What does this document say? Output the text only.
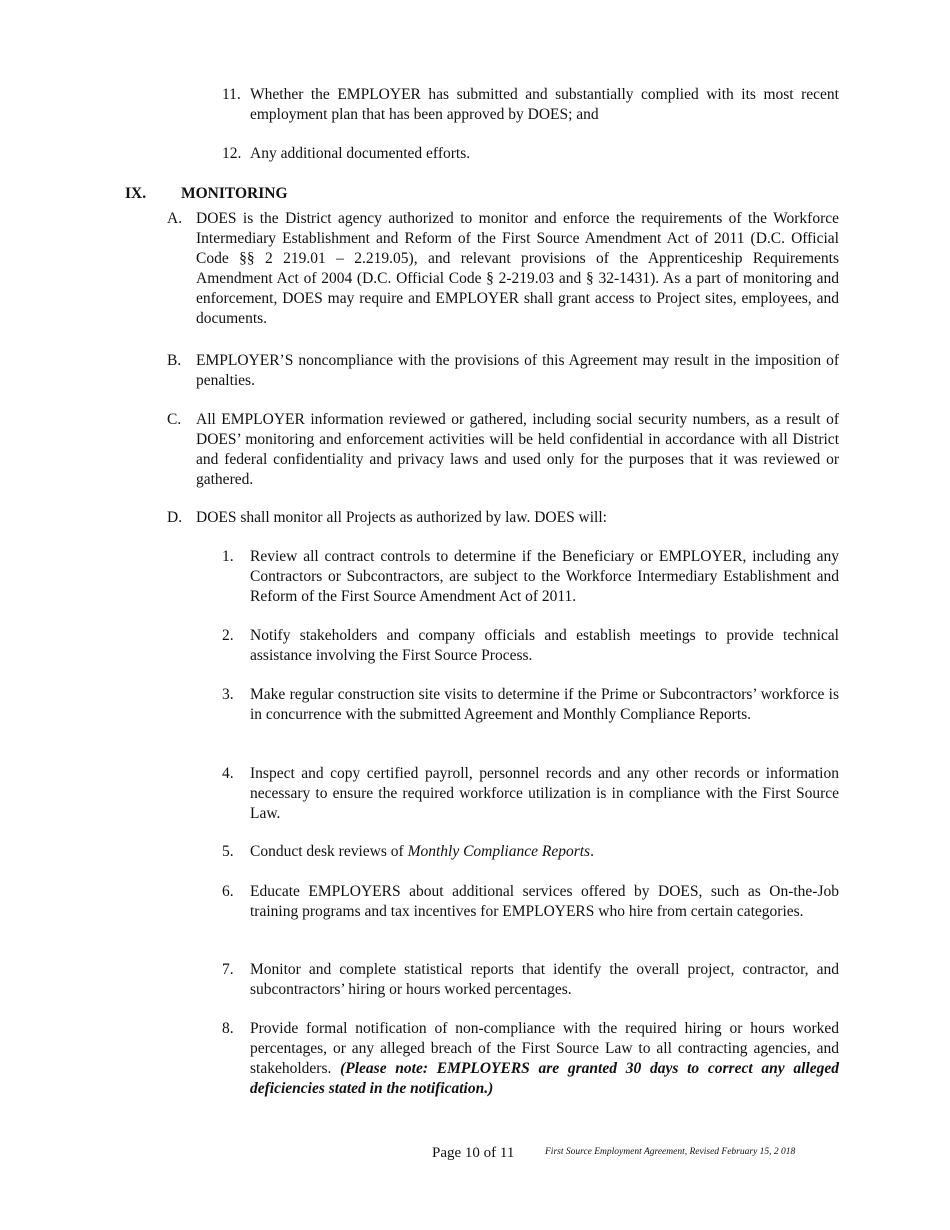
11. Whether the EMPLOYER has submitted and substantially complied with its most recent employment plan that has been approved by DOES; and

12. Any additional documented efforts.

IX. MONITORING
A. DOES is the District agency authorized to monitor and enforce the requirements of the Workforce Intermediary Establishment and Reform of the First Source Amendment Act of 2011 (D.C. Official Code §§ 2 219.01 – 2.219.05), and relevant provisions of the Apprenticeship Requirements Amendment Act of 2004 (D.C. Official Code § 2-219.03 and § 32-1431). As a part of monitoring and enforcement, DOES may require and EMPLOYER shall grant access to Project sites, employees, and documents.

B. EMPLOYER’S noncompliance with the provisions of this Agreement may result in the imposition of penalties.

C. All EMPLOYER information reviewed or gathered, including social security numbers, as a result of DOES’ monitoring and enforcement activities will be held confidential in accordance with all District and federal confidentiality and privacy laws and used only for the purposes that it was reviewed or gathered.

D. DOES shall monitor all Projects as authorized by law. DOES will:

1. Review all contract controls to determine if the Beneficiary or EMPLOYER, including any Contractors or Subcontractors, are subject to the Workforce Intermediary Establishment and Reform of the First Source Amendment Act of 2011.

2. Notify stakeholders and company officials and establish meetings to provide technical assistance involving the First Source Process.

3. Make regular construction site visits to determine if the Prime or Subcontractors’ workforce is in concurrence with the submitted Agreement and Monthly Compliance Reports.

4. Inspect and copy certified payroll, personnel records and any other records or information necessary to ensure the required workforce utilization is in compliance with the First Source Law.

5. Conduct desk reviews of Monthly Compliance Reports.

6. Educate EMPLOYERS about additional services offered by DOES, such as On-the-Job training programs and tax incentives for EMPLOYERS who hire from certain categories.

7. Monitor and complete statistical reports that identify the overall project, contractor, and subcontractors’ hiring or hours worked percentages.

8. Provide formal notification of non-compliance with the required hiring or hours worked percentages, or any alleged breach of the First Source Law to all contracting agencies, and stakeholders. (Please note: EMPLOYERS are granted 30 days to correct any alleged deficiencies stated in the notification.)

Page 10 of 11	First Source Employment Agreement, Revised February 15, 2 018
